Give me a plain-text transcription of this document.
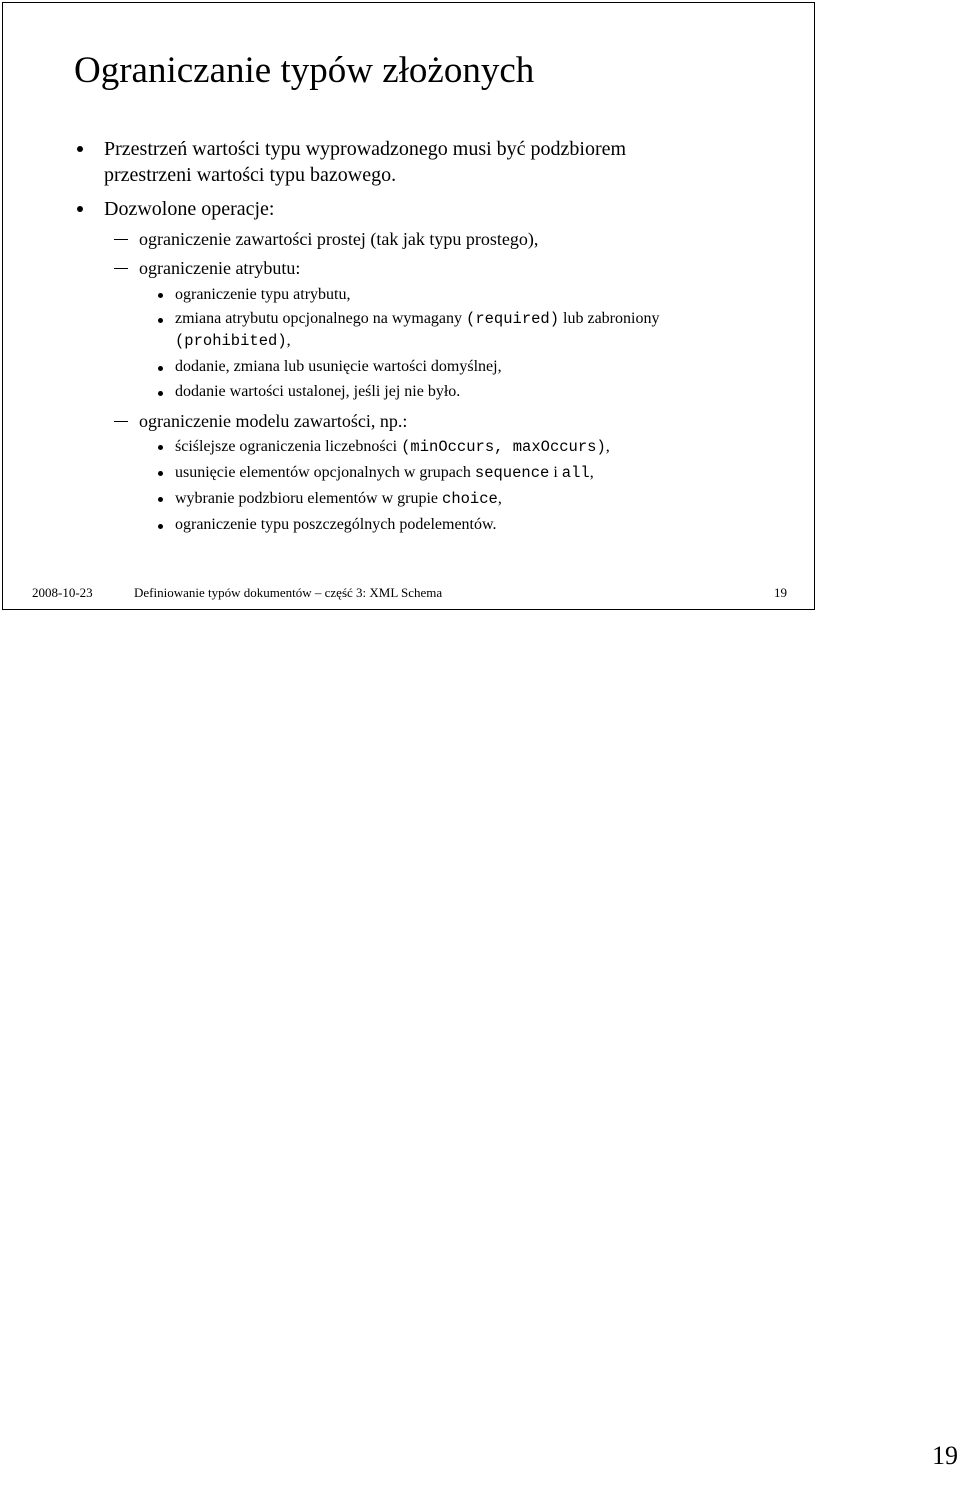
Ograniczanie typów złożonych
Przestrzeń wartości typu wyprowadzonego musi być podzbiorem
przestrzeni wartości typu bazowego.
Dozwolone operacje:
ograniczenie zawartości prostej (tak jak typu prostego),
ograniczenie atrybutu:
ograniczenie typu atrybutu,
zmiana atrybutu opcjonalnego na wymagany (required) lub zabroniony
(prohibited),
dodanie, zmiana lub usunięcie wartości domyślnej,
dodanie wartości ustalonej, jeśli jej nie było.
ograniczenie modelu zawartości, np.:
ściślejsze ograniczenia liczebności (minOccurs, maxOccurs),
usunięcie elementów opcjonalnych w grupach sequence i all,
wybranie podzbioru elementów w grupie choice,
ograniczenie typu poszczególnych podelementów.
2008-10-23	Definiowanie typów dokumentów – część 3: XML Schema	19
19
